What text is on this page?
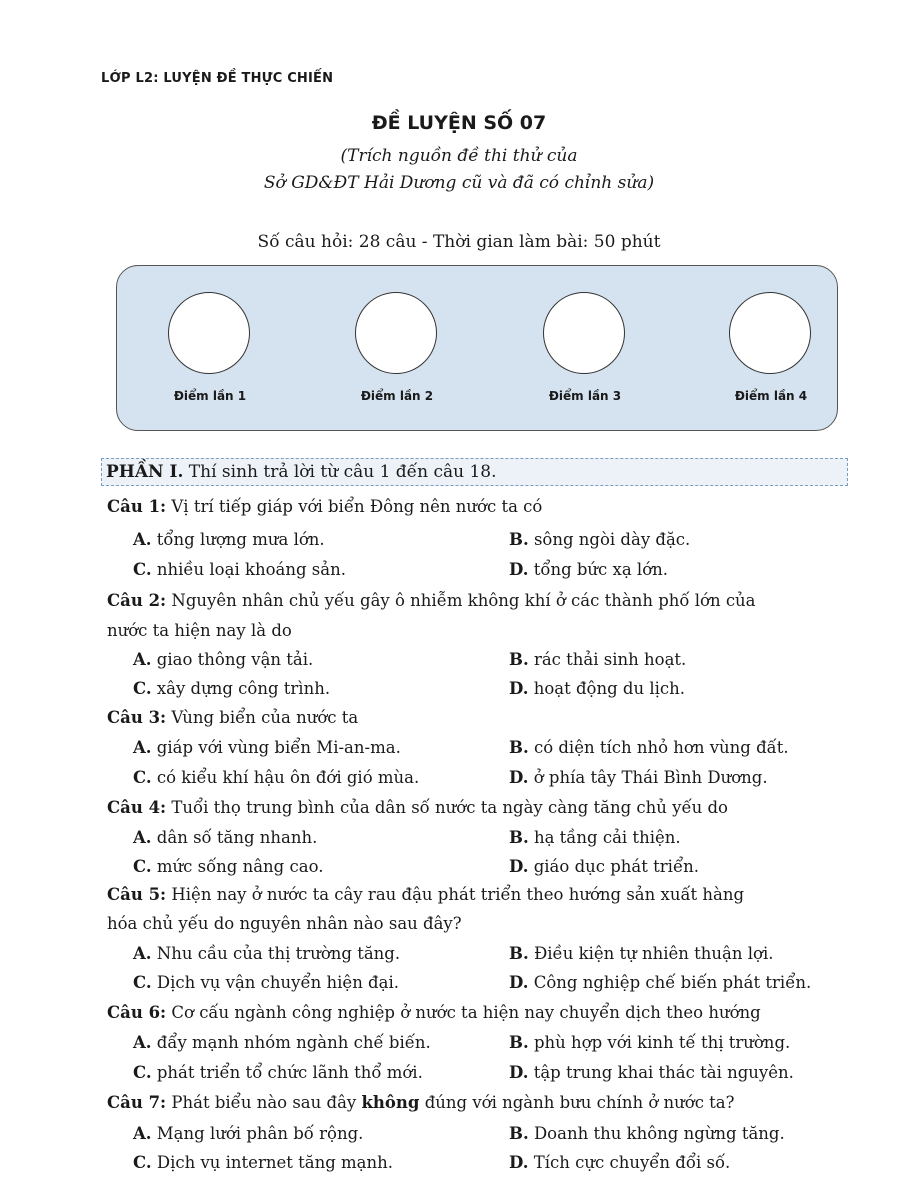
LỚP L2: LUYỆN ĐỀ THỰC CHIẾN
ĐỀ LUYỆN SỐ 07
(Trích nguồn đề thi thử của
Sở GD&ĐT Hải Dương cũ và đã có chỉnh sửa)
Số câu hỏi: 28 câu - Thời gian làm bài: 50 phút
Điểm lần 1	Điểm lần 2	Điểm lần 3	Điểm lần 4
PHẦN I. Thí sinh trả lời từ câu 1 đến câu 18.
Câu 1: Vị trí tiếp giáp với biển Đông nên nước ta có
A. tổng lượng mưa lớn.	B. sông ngòi dày đặc.
C. nhiều loại khoáng sản.	D. tổng bức xạ lớn.
Câu 2: Nguyên nhân chủ yếu gây ô nhiễm không khí ở các thành phố lớn của
nước ta hiện nay là do
A. giao thông vận tải.	B. rác thải sinh hoạt.
C. xây dựng công trình.	D. hoạt động du lịch.
Câu 3: Vùng biển của nước ta
A. giáp với vùng biển Mi-an-ma.	B. có diện tích nhỏ hơn vùng đất.
C. có kiểu khí hậu ôn đới gió mùa.	D. ở phía tây Thái Bình Dương.
Câu 4: Tuổi thọ trung bình của dân số nước ta ngày càng tăng chủ yếu do
A. dân số tăng nhanh.	B. hạ tầng cải thiện.
C. mức sống nâng cao.	D. giáo dục phát triển.
Câu 5: Hiện nay ở nước ta cây rau đậu phát triển theo hướng sản xuất hàng
hóa chủ yếu do nguyên nhân nào sau đây?
A. Nhu cầu của thị trường tăng.	B. Điều kiện tự nhiên thuận lợi.
C. Dịch vụ vận chuyển hiện đại.	D. Công nghiệp chế biến phát triển.
Câu 6: Cơ cấu ngành công nghiệp ở nước ta hiện nay chuyển dịch theo hướng
A. đẩy mạnh nhóm ngành chế biến.	B. phù hợp với kinh tế thị trường.
C. phát triển tổ chức lãnh thổ mới.	D. tập trung khai thác tài nguyên.
Câu 7: Phát biểu nào sau đây không đúng với ngành bưu chính ở nước ta?
A. Mạng lưới phân bố rộng.	B. Doanh thu không ngừng tăng.
C. Dịch vụ internet tăng mạnh.	D. Tích cực chuyển đổi số.
